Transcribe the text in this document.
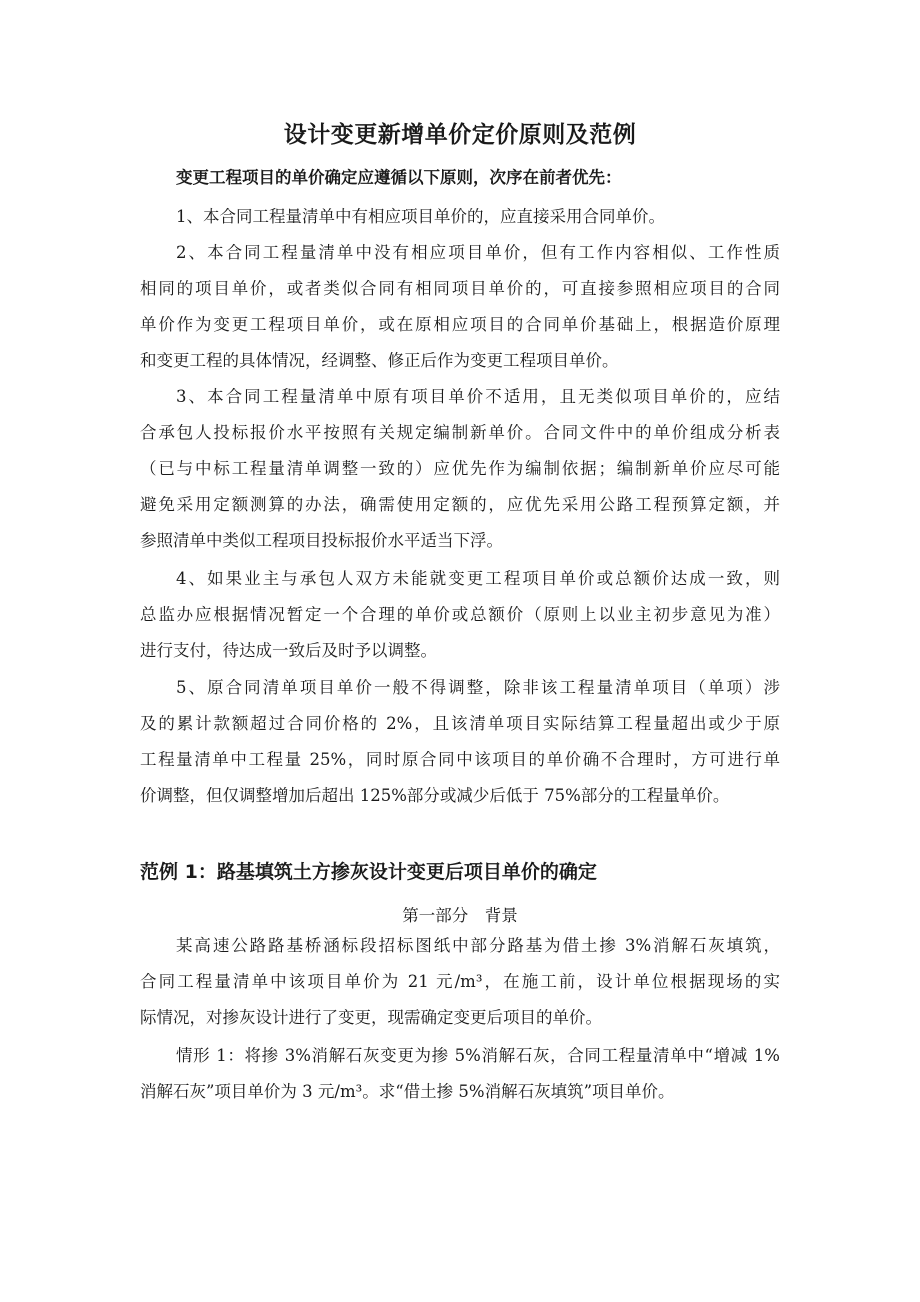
设计变更新增单价定价原则及范例
变更工程项目的单价确定应遵循以下原则，次序在前者优先：
1、本合同工程量清单中有相应项目单价的，应直接采用合同单价。
2、本合同工程量清单中没有相应项目单价，但有工作内容相似、工作性质
相同的项目单价，或者类似合同有相同项目单价的，可直接参照相应项目的合同
单价作为变更工程项目单价，或在原相应项目的合同单价基础上，根据造价原理
和变更工程的具体情况，经调整、修正后作为变更工程项目单价。
3、本合同工程量清单中原有项目单价不适用，且无类似项目单价的，应结
合承包人投标报价水平按照有关规定编制新单价。合同文件中的单价组成分析表
（已与中标工程量清单调整一致的）应优先作为编制依据；编制新单价应尽可能
避免采用定额测算的办法，确需使用定额的，应优先采用公路工程预算定额，并
参照清单中类似工程项目投标报价水平适当下浮。
4、如果业主与承包人双方未能就变更工程项目单价或总额价达成一致，则
总监办应根据情况暂定一个合理的单价或总额价（原则上以业主初步意见为准）
进行支付，待达成一致后及时予以调整。
5、原合同清单项目单价一般不得调整，除非该工程量清单项目（单项）涉
及的累计款额超过合同价格的 2%，且该清单项目实际结算工程量超出或少于原
工程量清单中工程量 25%，同时原合同中该项目的单价确不合理时，方可进行单
价调整，但仅调整增加后超出 125%部分或减少后低于 75%部分的工程量单价。
范例 1：路基填筑土方掺灰设计变更后项目单价的确定
第一部分　背景
某高速公路路基桥涵标段招标图纸中部分路基为借土掺 3%消解石灰填筑，
合同工程量清单中该项目单价为 21 元/m³，在施工前，设计单位根据现场的实
际情况，对掺灰设计进行了变更，现需确定变更后项目的单价。
情形 1：将掺 3%消解石灰变更为掺 5%消解石灰，合同工程量清单中“增减 1%
消解石灰”项目单价为 3 元/m³。求“借土掺 5%消解石灰填筑”项目单价。
